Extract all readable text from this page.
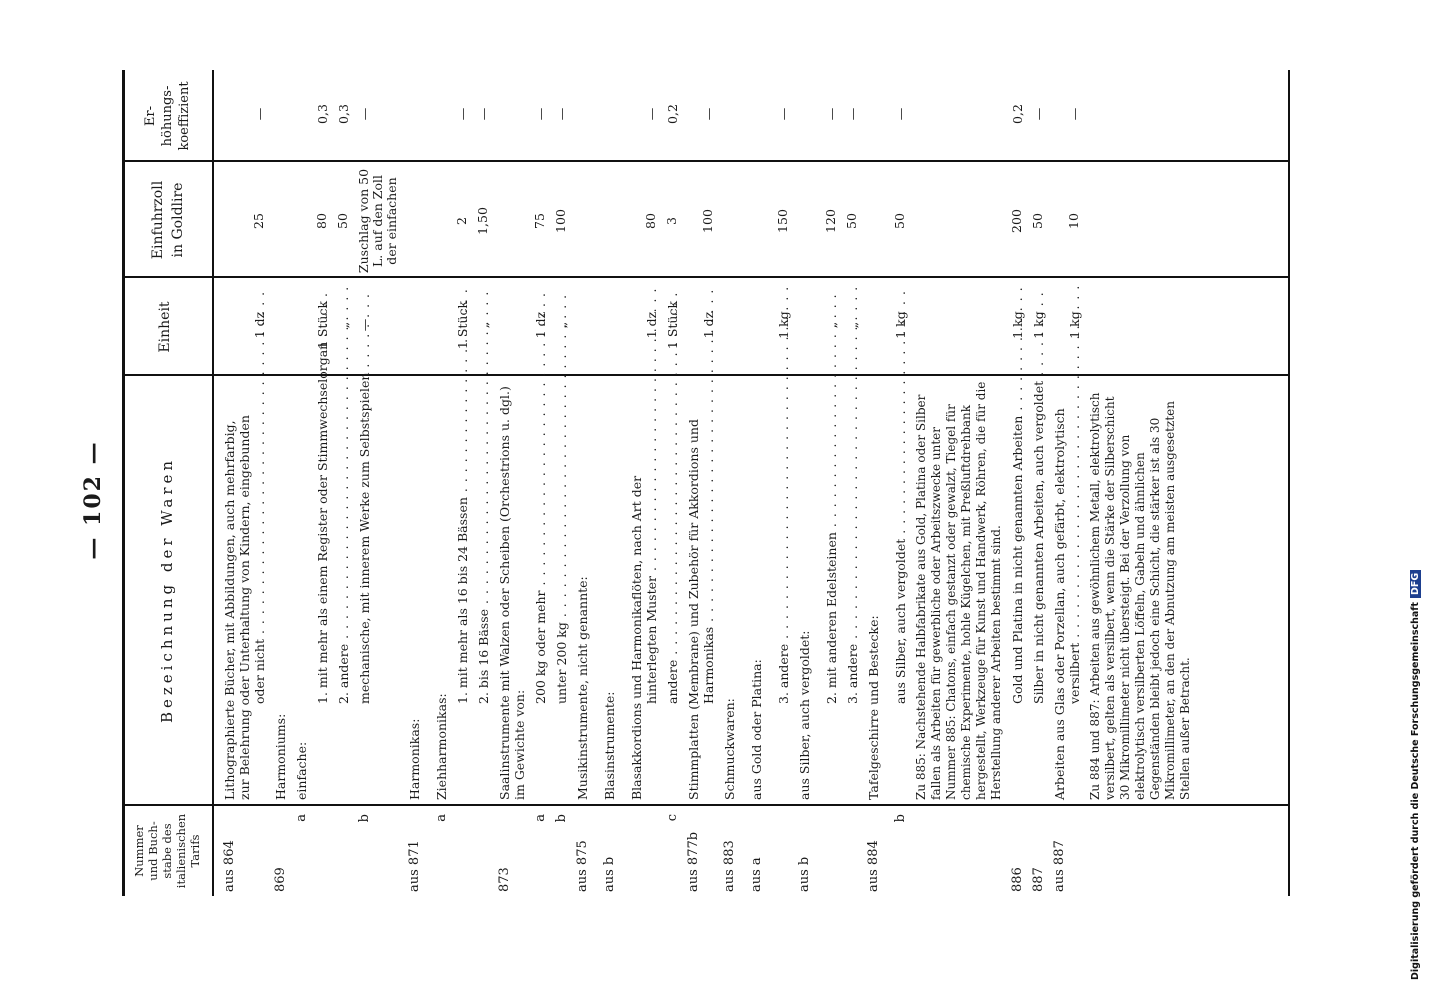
— 102 —
Nummer und Buch- stabe des italienischen Tarifs
Bezeichnung der Waren
Einheit
Einfuhrzoll in Goldlire
Er- höhungs- koeffizient
aus 864
Lithographierte Bücher, mit Abbildungen, auch mehrfarbig, zur Belehrung oder Unterhaltung von Kindern, eingebunden oder nicht . . .
1 dz
25
—
869
Harmoniums:
a
einfache:
1. mit mehr als einem Register oder Stimmwechselorgan . . .
1 Stück
80
0,3
2. andere . . .
„
50
0,3
b
mechanische, mit innerem Werke zum Selbstspielen . . .
—
Zuschlag von 50 L. auf den Zoll der einfachen
—
aus 871
Harmonikas:
a
Ziehharmonikas:
1. mit mehr als 16 bis 24 Bässen . . .
1 Stück
2
—
2. bis 16 Bässe . . .
„
1,50
—
873
Saalinstrumente mit Walzen oder Scheiben (Orchestrions u. dgl.) im Gewichte von:
a
200 kg oder mehr . . .
1 dz
75
—
b
unter 200 kg . . .
„
100
—
aus 875
Musikinstrumente, nicht genannte:
aus b
Blasinstrumente: Blasakkordions und Harmonikaflöten, nach Art der hinterlegten Muster . . .
1 dz
80
—
c
andere . . .
1 Stück
3
0,2
aus 877b
Stimmplatten (Membrane) und Zubehör für Akkordions und Harmonikas . . .
1 dz
100
—
aus 883
Schmuckwaren:
aus a
aus Gold oder Platina: 3. andere . . .
1 kg
150
—
aus b
aus Silber, auch vergoldet:
2. mit anderen Edelsteinen . . .
„
120
—
3. andere . . .
„
50
—
aus 884
Tafelgeschirre und Bestecke:
b
aus Silber, auch vergoldet . . .
1 kg
50
—
Zu 885: Nachstehende Halbfabrikate aus Gold, Platina oder Silber fallen als Arbeiten für gewerbliche oder Arbeitszwecke unter Nummer 885: Chatons, einfach gestanzt oder gewalzt, Tiegel für chemische Experimente, hohle Kügelchen, mit Preßluftdrehbank hergestellt, Werkzeuge für Kunst und Handwerk, Röhren, die für die Herstellung anderer Arbeiten bestimmt sind.
886
Gold und Platina in nicht genannten Arbeiten . . .
1 kg
200
0,2
887
Silber in nicht genannten Arbeiten, auch vergoldet . . .
1 kg
50
—
aus 887
Arbeiten aus Glas oder Porzellan, auch gefärbt, elektrolytisch versilbert . . .
1 kg
10
—
Zu 884 und 887: Arbeiten aus gewöhnlichem Metall, elektrolytisch versilbert, gelten als versilbert, wenn die Stärke der Silberschicht 30 Mikromillimeter nicht übersteigt. Bei der Verzollung von elektrolytisch versilberten Löffeln, Gabeln und ähnlichen Gegenständen bleibt jedoch eine Schicht, die stärker ist als 30 Mikromillimeter, an den der Abnutzung am meisten ausgesetzten Stellen außer Betracht.	Digitalisierung gefördert durch die Deutsche ForschungsgemeinschaftDFG
